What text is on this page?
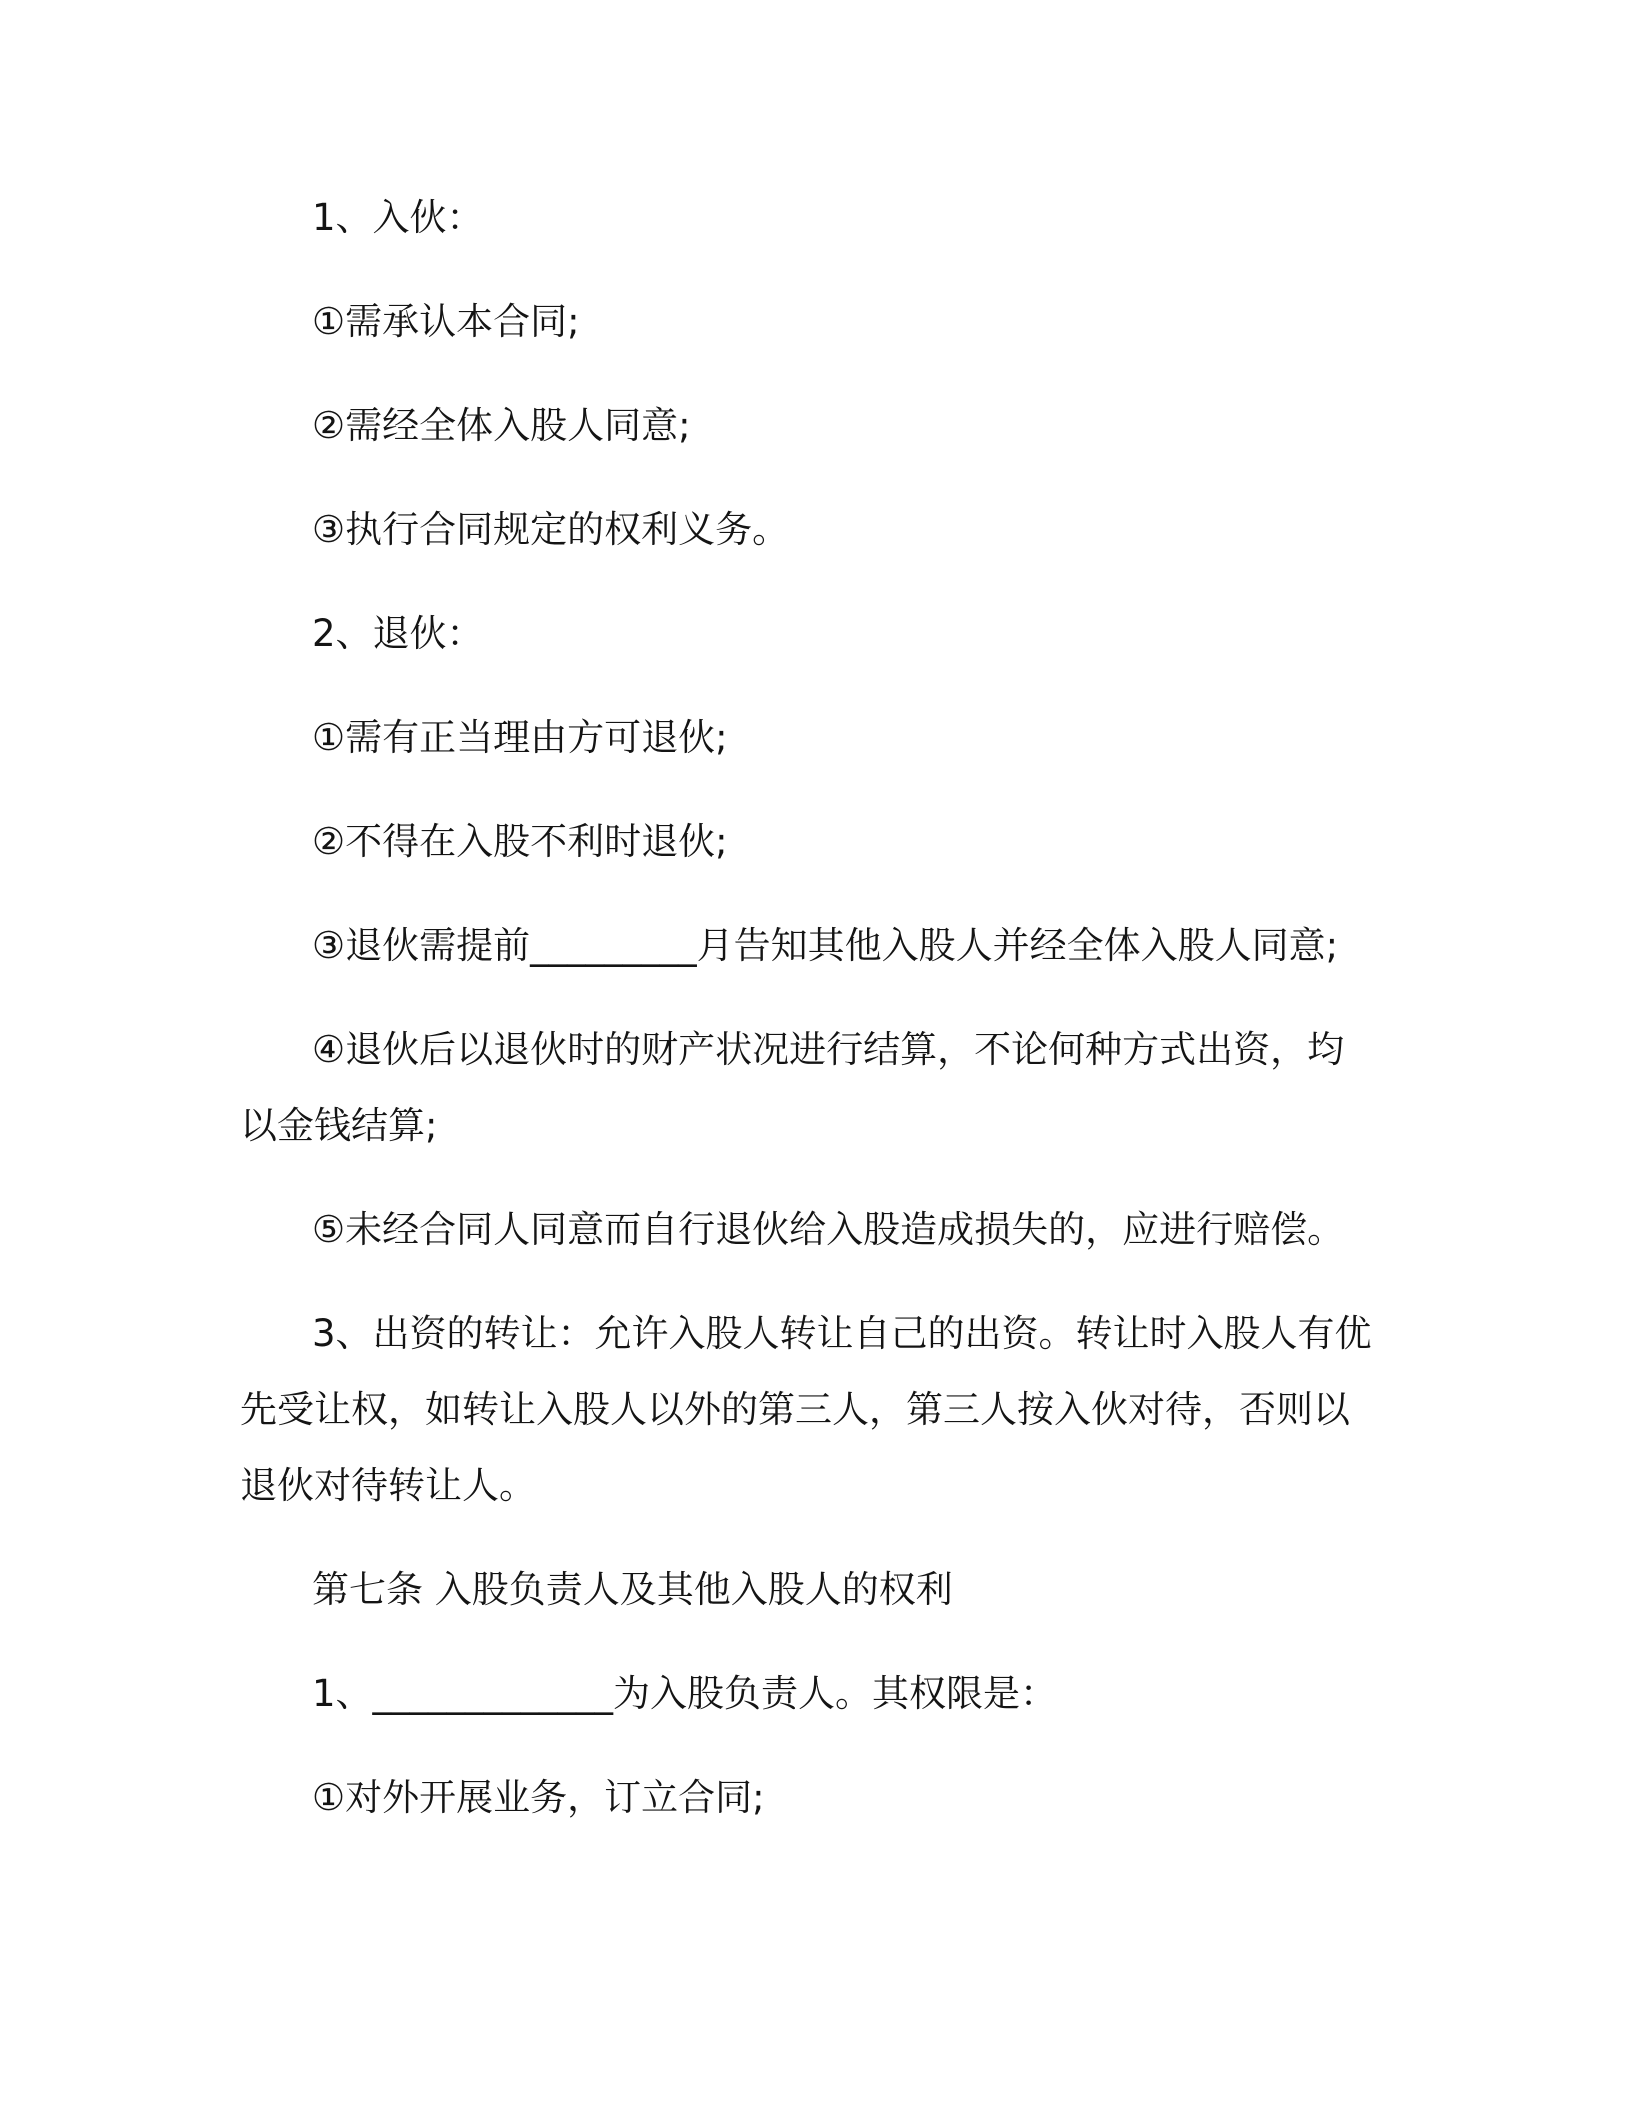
1、入伙：
①需承认本合同;
②需经全体入股人同意;
③执行合同规定的权利义务。
2、退伙：
①需有正当理由方可退伙;
②不得在入股不利时退伙;
③退伙需提前_________月告知其他入股人并经全体入股人同意;
④退伙后以退伙时的财产状况进行结算，不论何种方式出资，均以金钱结算;
⑤未经合同人同意而自行退伙给入股造成损失的，应进行赔偿。
3、出资的转让：允许入股人转让自己的出资。转让时入股人有优先受让权，如转让入股人以外的第三人，第三人按入伙对待，否则以退伙对待转让人。
第七条 入股负责人及其他入股人的权利
1、_____________为入股负责人。其权限是：
①对外开展业务，订立合同;
